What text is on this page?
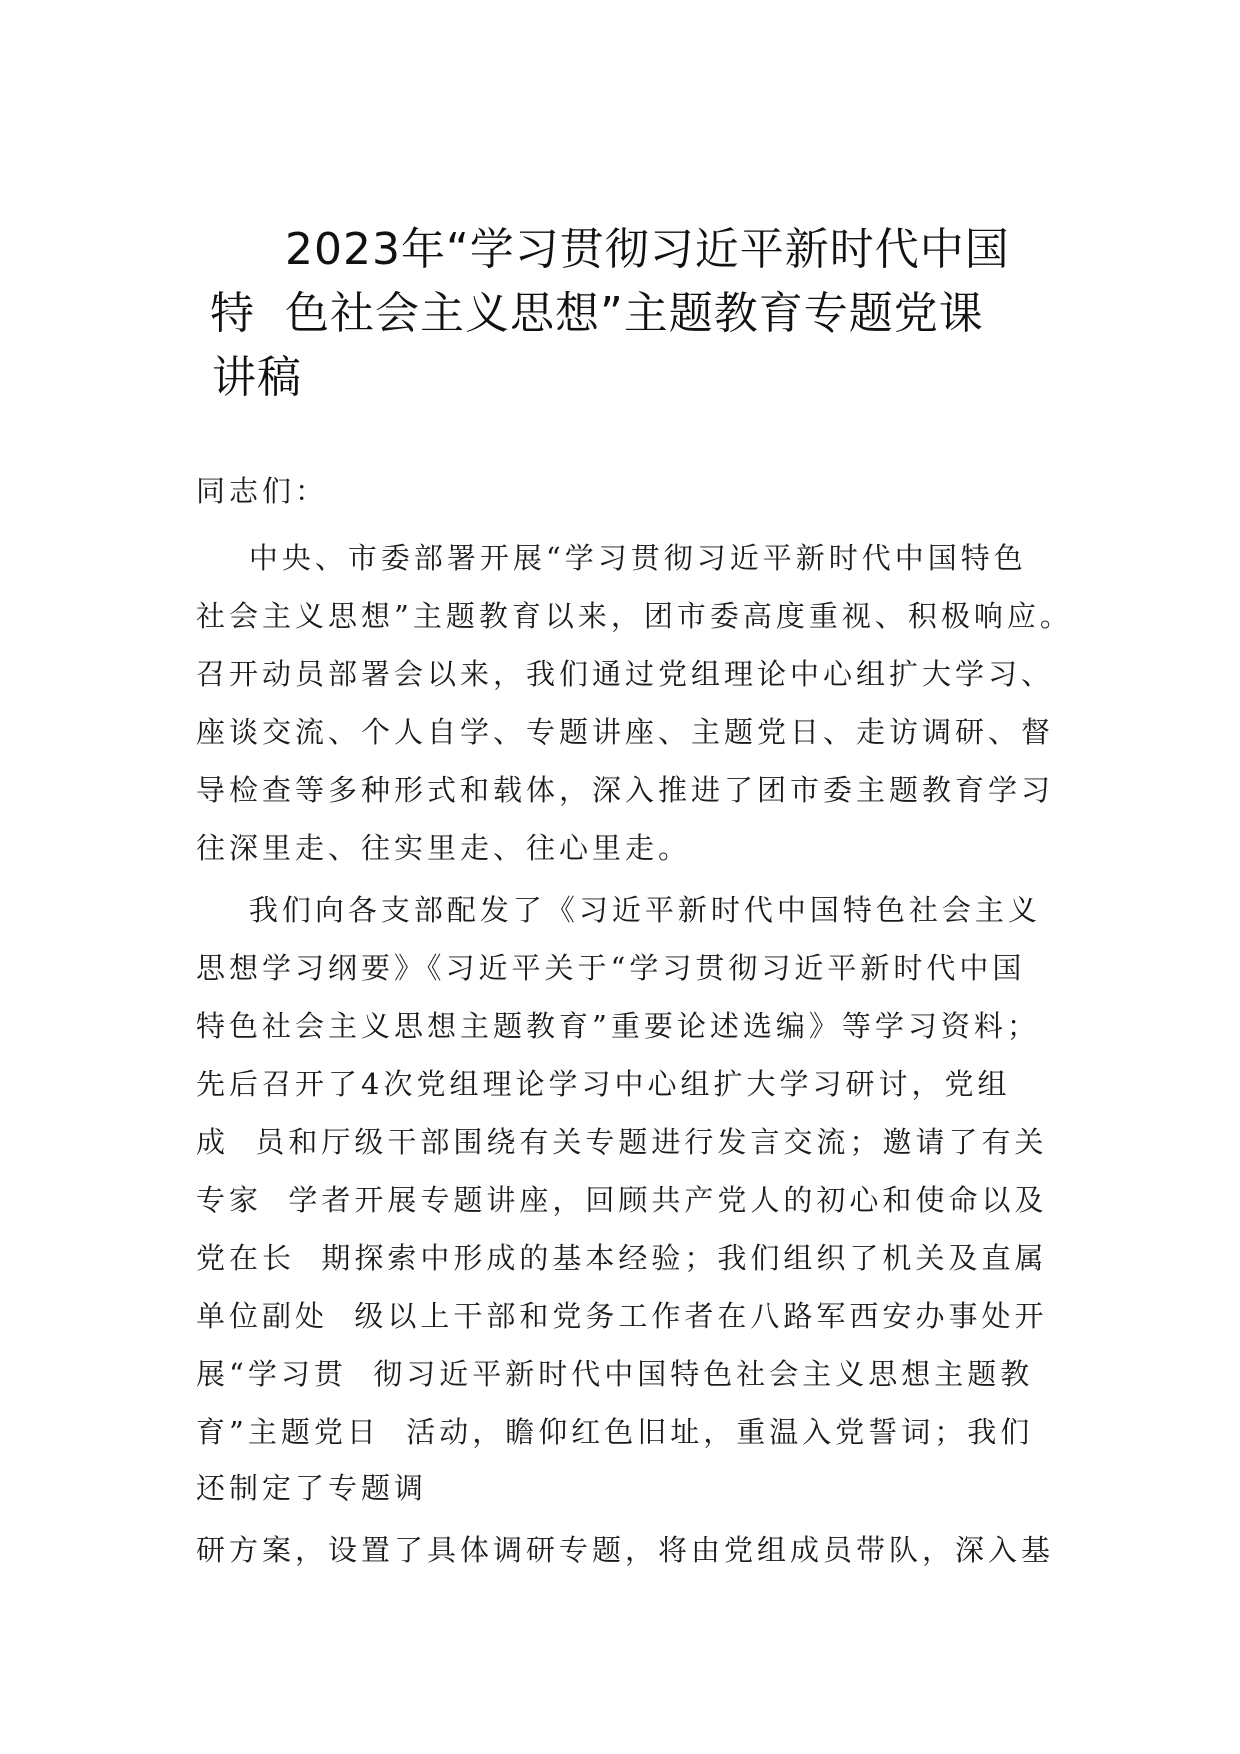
2023年“学习贯彻习近平新时代中国
特  色社会主义思想”主题教育专题党课
讲稿
同志们：
中央、市委部署开展“学习贯彻习近平新时代中国特色
社会主义思想”主题教育以来，团市委高度重视、积极响应。
召开动员部署会以来，我们通过党组理论中心组扩大学习、
座谈交流、个人自学、专题讲座、主题党日、走访调研、督
导检查等多种形式和载体，深入推进了团市委主题教育学习
往深里走、往实里走、往心里走。
我们向各支部配发了《习近平新时代中国特色社会主义
思想学习纲要》《习近平关于“学习贯彻习近平新时代中国
特色社会主义思想主题教育”重要论述选编》等学习资料；
先后召开了4次党组理论学习中心组扩大学习研讨，党组
成  员和厅级干部围绕有关专题进行发言交流；邀请了有关
专家  学者开展专题讲座，回顾共产党人的初心和使命以及
党在长  期探索中形成的基本经验；我们组织了机关及直属
单位副处  级以上干部和党务工作者在八路军西安办事处开
展“学习贯  彻习近平新时代中国特色社会主义思想主题教
育”主题党日  活动，瞻仰红色旧址，重温入党誓词；我们
还制定了专题调
研方案，设置了具体调研专题，将由党组成员带队，深入基
